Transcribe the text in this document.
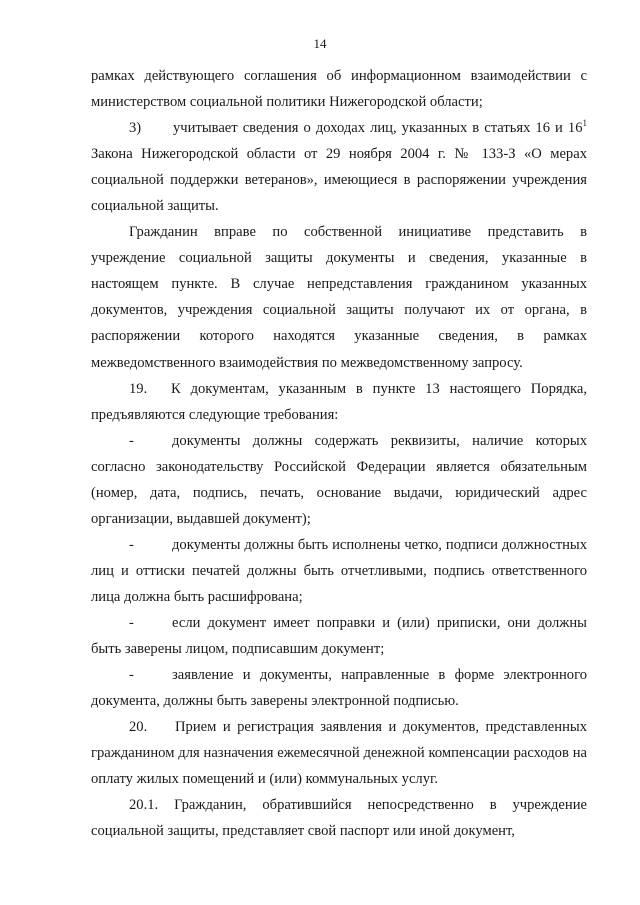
14

рамках действующего соглашения об информационном взаимодействии с министерством социальной политики Нижегородской области;

3) учитывает сведения о доходах лиц, указанных в статьях 16 и $16^1$ Закона Нижегородской области от 29 ноября 2004 г. № 133-З «О мерах социальной поддержки ветеранов», имеющиеся в распоряжении учреждения социальной защиты.

Гражданин вправе по собственной инициативе представить в учреждение социальной защиты документы и сведения, указанные в настоящем пункте. В случае непредставления гражданином указанных документов, учреждения социальной защиты получают их от органа, в распоряжении которого находятся указанные сведения, в рамках межведомственного взаимодействия по межведомственному запросу.

19. К документам, указанным в пункте 13 настоящего Порядка, предъявляются следующие требования:

-	документы должны содержать реквизиты, наличие которых согласно законодательству Российской Федерации является обязательным (номер, дата, подпись, печать, основание выдачи, юридический адрес организации, выдавшей документ);

-	документы должны быть исполнены четко, подписи должностных лиц и оттиски печатей должны быть отчетливыми, подпись ответственного лица должна быть расшифрована;

-	если документ имеет поправки и (или) приписки, они должны быть заверены лицом, подписавшим документ;

-	заявление и документы, направленные в форме электронного документа, должны быть заверены электронной подписью.

20. Прием и регистрация заявления и документов, представленных гражданином для назначения ежемесячной денежной компенсации расходов на оплату жилых помещений и (или) коммунальных услуг.

20.1. Гражданин, обратившийся непосредственно в учреждение социальной защиты, представляет свой паспорт или иной документ,
